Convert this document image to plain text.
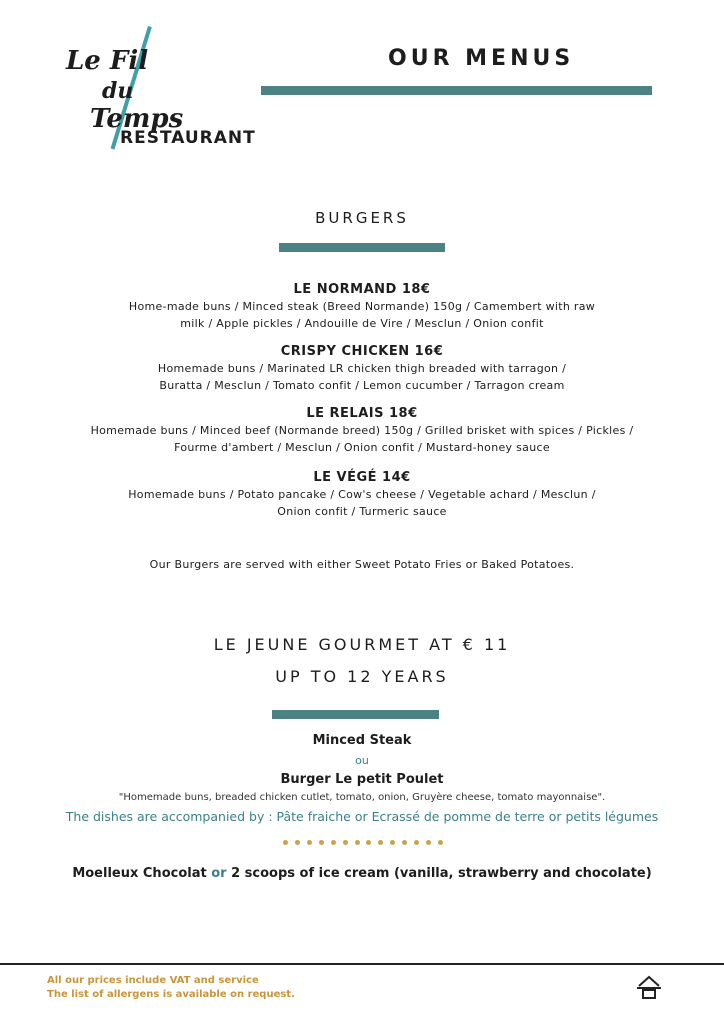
Le Fil
du
Temps
RESTAURANT
OUR MENUS
BURGERS
LE NORMAND 18€
Home-made buns / Minced steak (Breed Normande) 150g / Camembert with raw
milk / Apple pickles / Andouille de Vire / Mesclun / Onion confit
CRISPY CHICKEN 16€
Homemade buns / Marinated LR chicken thigh breaded with tarragon /
Buratta / Mesclun / Tomato confit / Lemon cucumber / Tarragon cream
LE RELAIS 18€
Homemade buns / Minced beef (Normande breed) 150g / Grilled brisket with spices / Pickles /
Fourme d'ambert / Mesclun / Onion confit / Mustard-honey sauce
LE VÉGÉ 14€
Homemade buns / Potato pancake / Cow's cheese / Vegetable achard / Mesclun /
Onion confit / Turmeric sauce
Our Burgers are served with either Sweet Potato Fries or Baked Potatoes.
LE JEUNE GOURMET AT € 11
UP TO 12 YEARS
Minced Steak
ou
Burger Le petit Poulet
"Homemade buns, breaded chicken cutlet, tomato, onion, Gruyère cheese, tomato mayonnaise".
The dishes are accompanied by : Pâte fraiche or Ecrassé de pomme de terre or petits légumes
Moelleux Chocolat or 2 scoops of ice cream (vanilla, strawberry and chocolate)
All our prices include VAT and service
The list of allergens is available on request.
